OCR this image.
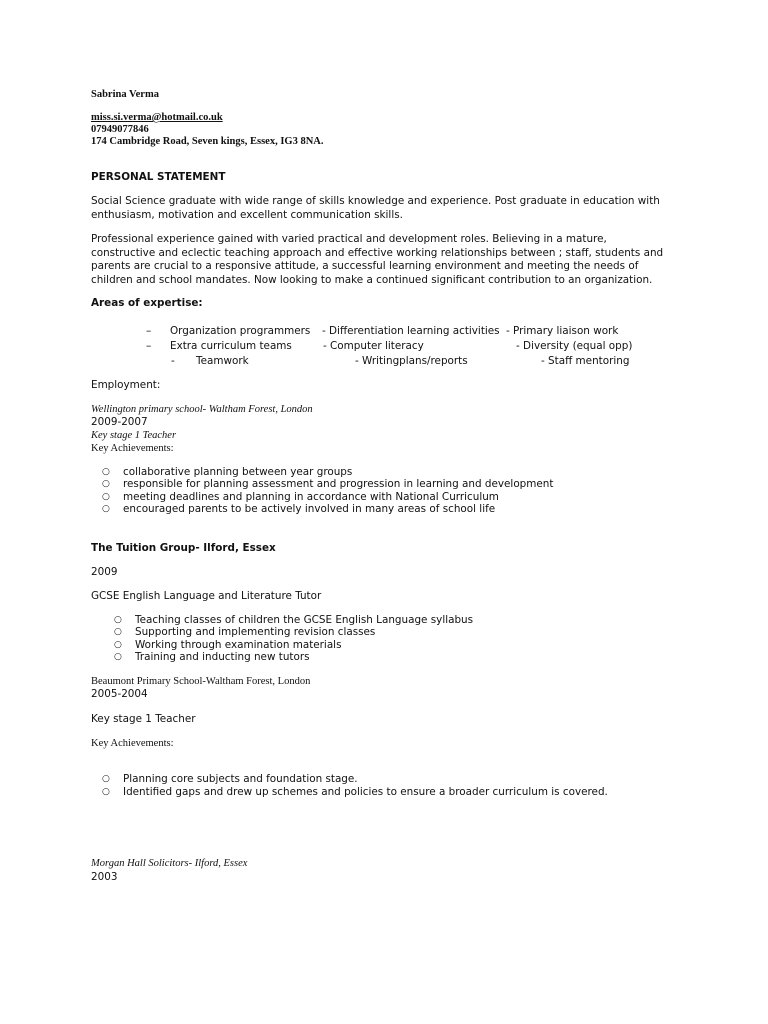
Sabrina Verma
miss.si.verma@hotmail.co.uk
07949077846
174 Cambridge Road, Seven kings, Essex, IG3 8NA.
PERSONAL STATEMENT
Social Science graduate with wide range of skills knowledge and experience. Post graduate in education with enthusiasm, motivation and excellent communication skills.
Professional experience gained with varied practical and development roles. Believing in a mature, constructive and eclectic teaching approach and effective working relationships between ; staff, students and parents are crucial to a responsive attitude, a successful learning environment and meeting the needs of children and school mandates. Now looking to make a continued significant contribution to an organization.
Areas of expertise:
– Organization programmers - Differentiation learning activities - Primary liaison work
– Extra curriculum teams	- Computer literacy	- Diversity (equal opp)
- Teamwork	- Writingplans/reports	- Staff mentoring
Employment:
Wellington primary school- Waltham Forest, London
2009-2007
Key stage 1 Teacher
Key Achievements:
○ collaborative planning between year groups
○ responsible for planning assessment and progression in learning and development
○ meeting deadlines and planning in accordance with National Curriculum
○ encouraged parents to be actively involved in many areas of school life
The Tuition Group- Ilford, Essex
2009
GCSE English Language and Literature Tutor
○ Teaching classes of children the GCSE English Language syllabus
○ Supporting and implementing revision classes
○ Working through examination materials
○ Training and inducting new tutors
Beaumont Primary School-Waltham Forest, London
2005-2004
Key stage 1 Teacher
Key Achievements:
○ Planning core subjects and foundation stage.
○ Identified gaps and drew up schemes and policies to ensure a broader curriculum is covered.
Morgan Hall Solicitors- Ilford, Essex
2003
